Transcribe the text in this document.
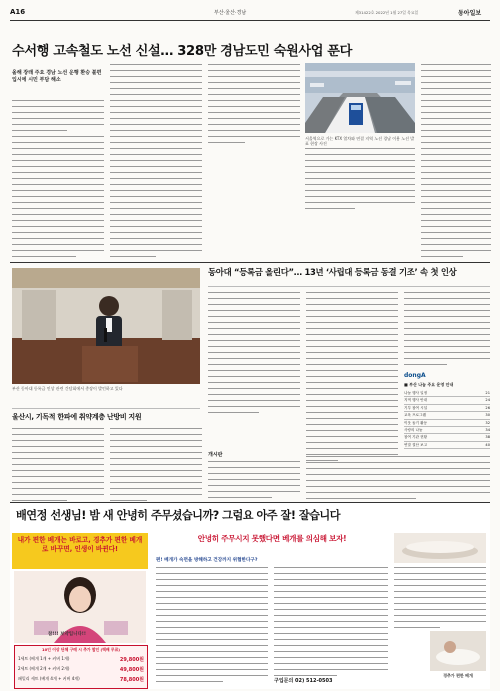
A16	부산·울산·경남	제31422호 2022년 1월 27일 목요일	동아일보
수서행 고속철도 노선 신설… 328만 경남도민 숙원사업 푼다
올해 장래 주요 경남 노선 운행 환승 불편 입시에 시민 부담 해소
서울역으로 가는 KTX 열차와 연결 지역 노선 경남 이용 노선 발표 현장 사진
부산 동아대 등록금 인상 관련 간담회에서 총장이 발언하고 있다
동아대 “등록금 올린다”… 13년 ‘사립대 등록금 동결 기조’ 속 첫 인상
dongA
■ 부산 나눔 주요 운영 안내
나눔 행사 일정	21
지역 행사 안내	24
기부 참여 시설	26
교육 프로그램	30
이웃 돕기 활동	32
사랑의 나눔	34
참여 기관 현황	38
연말 결산 보고	40
울산시, 기독적 한파에 취약계층 난방비 지원
개시판
배연정 선생님! 밤 새 안녕히 주무셨습니까? 그럼요 아주 잘! 잘습니다
내가 편한 베개는 바로고, 경추가 편한 베개로 바꾸면, 인생이 바뀐다!
참!!! 보약입니다!!
10인 이상 단체 구매 시 추가 할인 (택배 무료)
1세트 (베개 1개 + 커버 1개)	29,800원
2세트 (베개 2개 + 커버 2개)	49,800원
패밀리 세트 (베개 4개 + 커버 4개)	78,800원
안녕히 주무시지 못했다면 베개를 의심해 보자!
편! 베개가 숙면을 방해하고 건강까지 위협한다구?
구입문의 02) 512-0503
경추가 편한 베개
